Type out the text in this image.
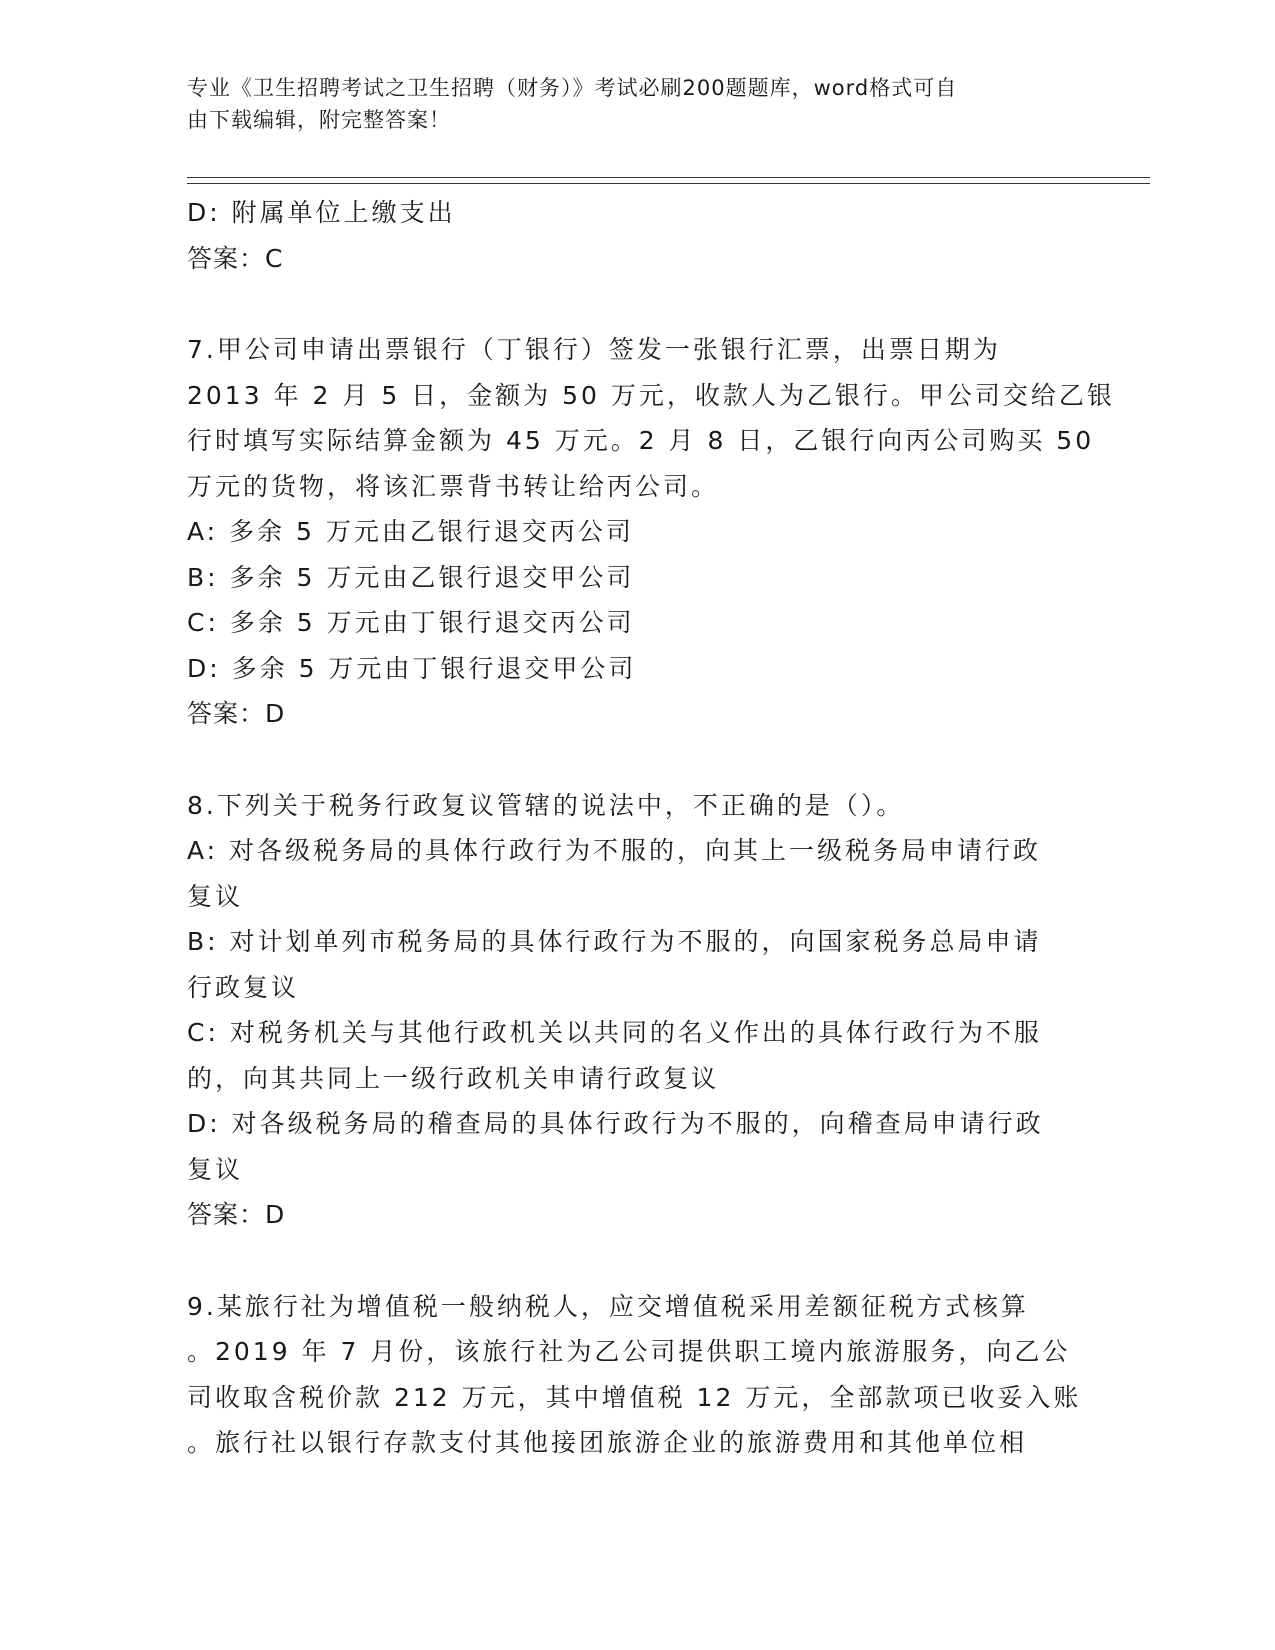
专业《卫生招聘考试之卫生招聘（财务）》考试必刷200题题库，word格式可自
由下载编辑，附完整答案！
D: 附属单位上缴支出
答案：C
7.甲公司申请出票银行（丁银行）签发一张银行汇票，出票日期为
2013 年 2 月 5 日，金额为 50 万元，收款人为乙银行。甲公司交给乙银
行时填写实际结算金额为 45 万元。2 月 8 日，乙银行向丙公司购买 50
万元的货物，将该汇票背书转让给丙公司。
A: 多余 5 万元由乙银行退交丙公司
B: 多余 5 万元由乙银行退交甲公司
C: 多余 5 万元由丁银行退交丙公司
D: 多余 5 万元由丁银行退交甲公司
答案：D
8.下列关于税务行政复议管辖的说法中，不正确的是（）。
A: 对各级税务局的具体行政行为不服的，向其上一级税务局申请行政
复议
B: 对计划单列市税务局的具体行政行为不服的，向国家税务总局申请
行政复议
C: 对税务机关与其他行政机关以共同的名义作出的具体行政行为不服
的，向其共同上一级行政机关申请行政复议
D: 对各级税务局的稽查局的具体行政行为不服的，向稽查局申请行政
复议
答案：D
9.某旅行社为增值税一般纳税人，应交增值税采用差额征税方式核算
。2019 年 7 月份，该旅行社为乙公司提供职工境内旅游服务，向乙公
司收取含税价款 212 万元，其中增值税 12 万元，全部款项已收妥入账
。旅行社以银行存款支付其他接团旅游企业的旅游费用和其他单位相
